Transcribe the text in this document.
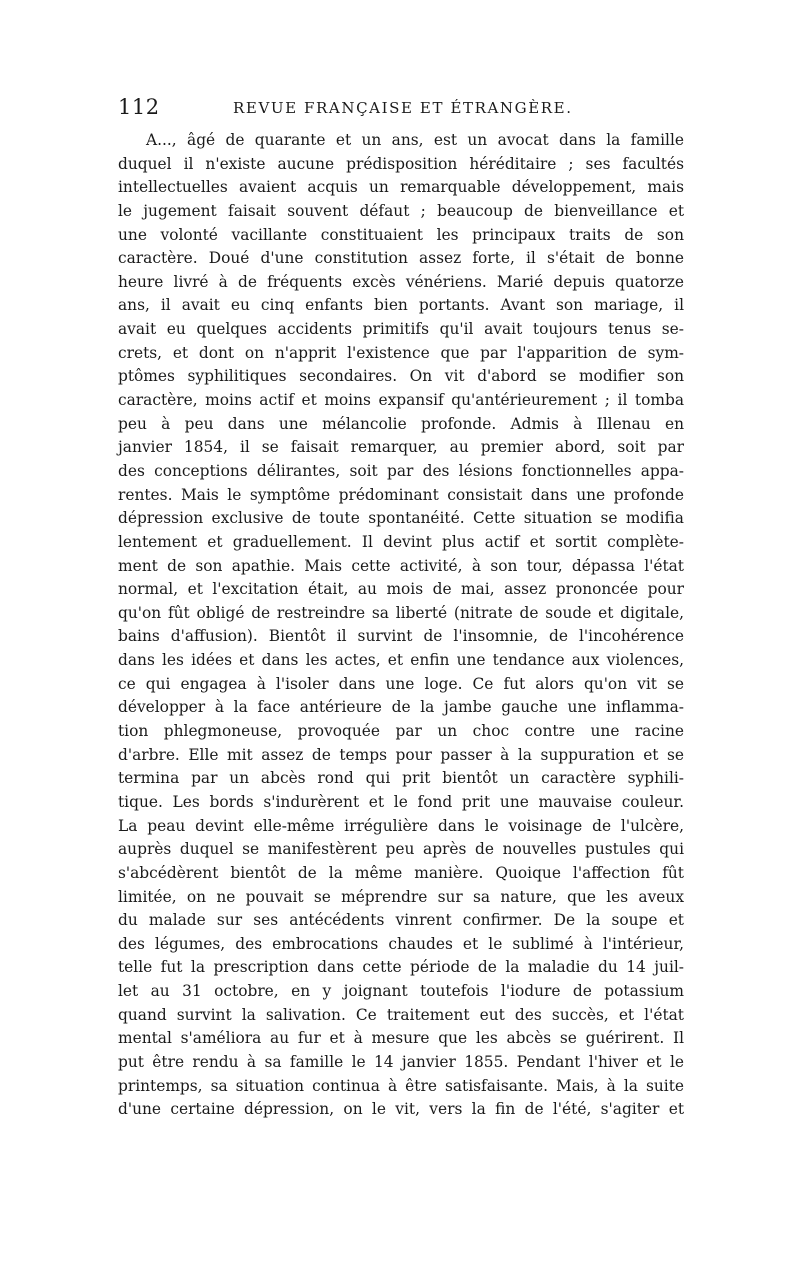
112	REVUE FRANÇAISE ET ÉTRANGÈRE.
A..., âgé de quarante et un ans, est un avocat dans la famille
duquel il n'existe aucune prédisposition héréditaire ; ses facultés
intellectuelles avaient acquis un remarquable développement, mais
le jugement faisait souvent défaut ; beaucoup de bienveillance et
une volonté vacillante constituaient les principaux traits de son
caractère. Doué d'une constitution assez forte, il s'était de bonne
heure livré à de fréquents excès vénériens. Marié depuis quatorze
ans, il avait eu cinq enfants bien portants. Avant son mariage, il
avait eu quelques accidents primitifs qu'il avait toujours tenus se-
crets, et dont on n'apprit l'existence que par l'apparition de sym-
ptômes syphilitiques secondaires. On vit d'abord se modifier son
caractère, moins actif et moins expansif qu'antérieurement ; il tomba
peu à peu dans une mélancolie profonde. Admis à Illenau en
janvier 1854, il se faisait remarquer, au premier abord, soit par
des conceptions délirantes, soit par des lésions fonctionnelles appa-
rentes. Mais le symptôme prédominant consistait dans une profonde
dépression exclusive de toute spontanéité. Cette situation se modifia
lentement et graduellement. Il devint plus actif et sortit complète-
ment de son apathie. Mais cette activité, à son tour, dépassa l'état
normal, et l'excitation était, au mois de mai, assez prononcée pour
qu'on fût obligé de restreindre sa liberté (nitrate de soude et digitale,
bains d'affusion). Bientôt il survint de l'insomnie, de l'incohérence
dans les idées et dans les actes, et enfin une tendance aux violences,
ce qui engagea à l'isoler dans une loge. Ce fut alors qu'on vit se
développer à la face antérieure de la jambe gauche une inflamma-
tion phlegmoneuse, provoquée par un choc contre une racine
d'arbre. Elle mit assez de temps pour passer à la suppuration et se
termina par un abcès rond qui prit bientôt un caractère syphili-
tique. Les bords s'indurèrent et le fond prit une mauvaise couleur.
La peau devint elle-même irrégulière dans le voisinage de l'ulcère,
auprès duquel se manifestèrent peu après de nouvelles pustules qui
s'abcédèrent bientôt de la même manière. Quoique l'affection fût
limitée, on ne pouvait se méprendre sur sa nature, que les aveux
du malade sur ses antécédents vinrent confirmer. De la soupe et
des légumes, des embrocations chaudes et le sublimé à l'intérieur,
telle fut la prescription dans cette période de la maladie du 14 juil-
let au 31 octobre, en y joignant toutefois l'iodure de potassium
quand survint la salivation. Ce traitement eut des succès, et l'état
mental s'améliora au fur et à mesure que les abcès se guérirent. Il
put être rendu à sa famille le 14 janvier 1855. Pendant l'hiver et le
printemps, sa situation continua à être satisfaisante. Mais, à la suite
d'une certaine dépression, on le vit, vers la fin de l'été, s'agiter et
